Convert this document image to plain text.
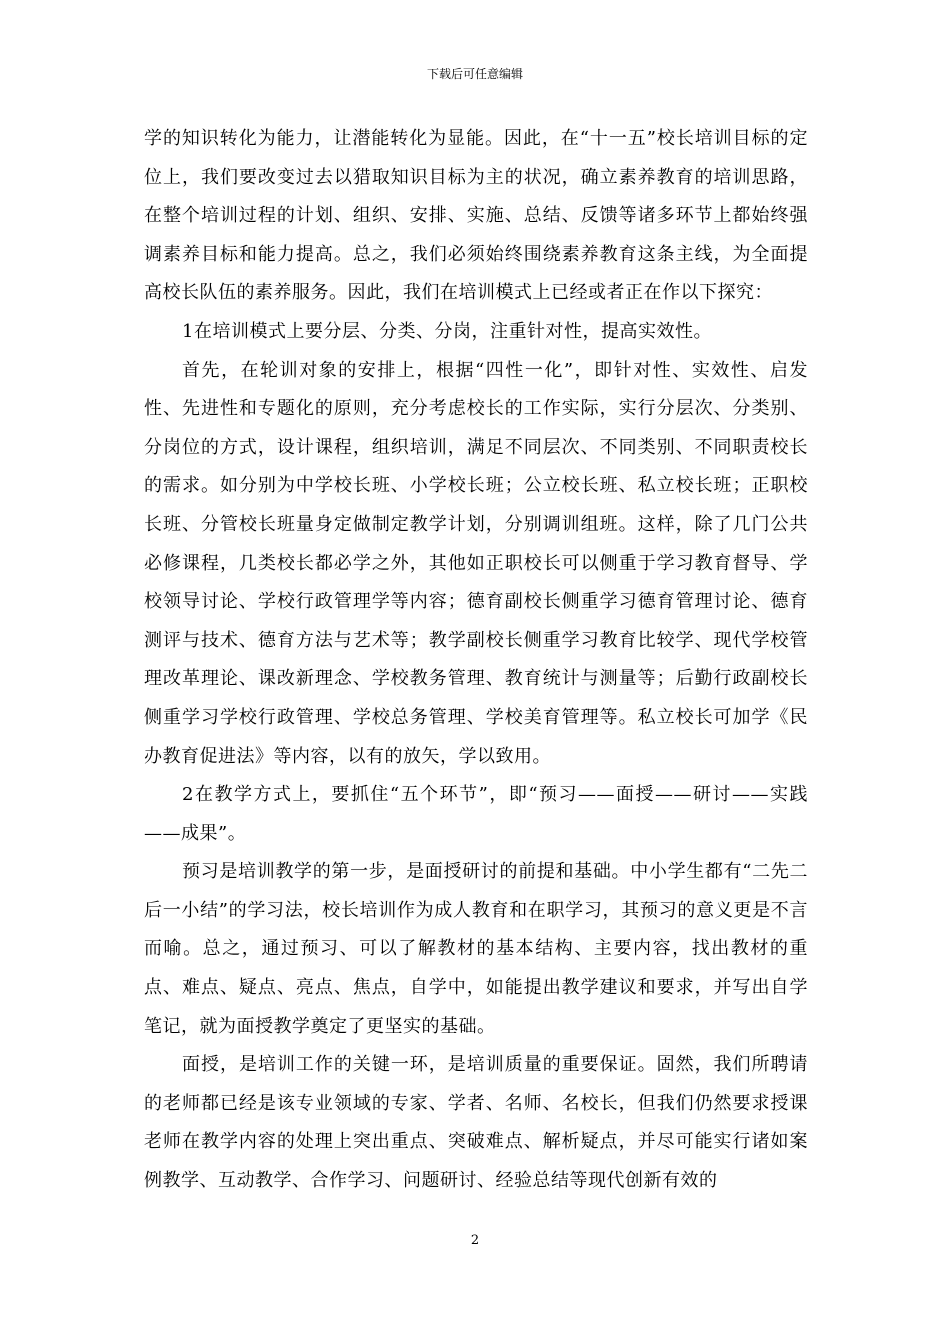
下载后可任意编辑

学的知识转化为能力，让潜能转化为显能。因此，在“十一五”校长培训目标的定位上，我们要改变过去以猎取知识目标为主的状况，确立素养教育的培训思路，在整个培训过程的计划、组织、安排、实施、总结、反馈等诸多环节上都始终强调素养目标和能力提高。总之，我们必须始终围绕素养教育这条主线，为全面提高校长队伍的素养服务。因此，我们在培训模式上已经或者正在作以下探究：

1在培训模式上要分层、分类、分岗，注重针对性，提高实效性。

首先，在轮训对象的安排上，根据“四性一化”，即针对性、实效性、启发性、先进性和专题化的原则，充分考虑校长的工作实际，实行分层次、分类别、分岗位的方式，设计课程，组织培训，满足不同层次、不同类别、不同职责校长的需求。如分别为中学校长班、小学校长班；公立校长班、私立校长班；正职校长班、分管校长班量身定做制定教学计划，分别调训组班。这样，除了几门公共必修课程，几类校长都必学之外，其他如正职校长可以侧重于学习教育督导、学校领导讨论、学校行政管理学等内容；德育副校长侧重学习德育管理讨论、德育测评与技术、德育方法与艺术等；教学副校长侧重学习教育比较学、现代学校管理改革理论、课改新理念、学校教务管理、教育统计与测量等；后勤行政副校长侧重学习学校行政管理、学校总务管理、学校美育管理等。私立校长可加学《民办教育促进法》等内容，以有的放矢，学以致用。

2在教学方式上，要抓住“五个环节”，即“预习——面授——研讨——实践——成果”。

预习是培训教学的第一步，是面授研讨的前提和基础。中小学生都有“二先二后一小结”的学习法，校长培训作为成人教育和在职学习，其预习的意义更是不言而喻。总之，通过预习、可以了解教材的基本结构、主要内容，找出教材的重点、难点、疑点、亮点、焦点，自学中，如能提出教学建议和要求，并写出自学笔记，就为面授教学奠定了更坚实的基础。

面授，是培训工作的关键一环，是培训质量的重要保证。固然，我们所聘请的老师都已经是该专业领域的专家、学者、名师、名校长，但我们仍然要求授课老师在教学内容的处理上突出重点、突破难点、解析疑点，并尽可能实行诸如案例教学、互动教学、合作学习、问题研讨、经验总结等现代创新有效的

2
